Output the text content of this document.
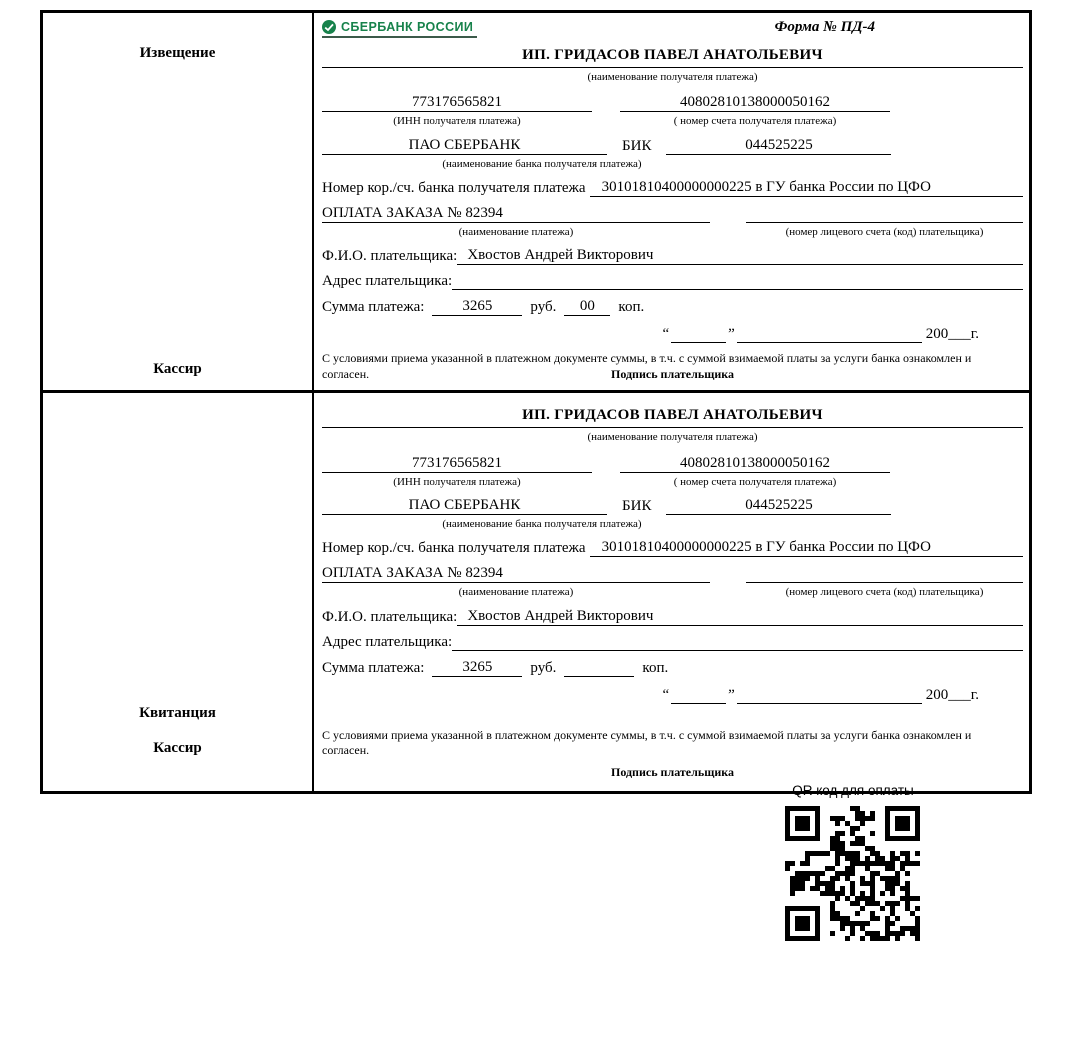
Извещение
Кассир
СБЕРБАНК РОССИИ	Форма № ПД-4
ИП. ГРИДАСОВ ПАВЕЛ АНАТОЛЬЕВИЧ
(наименование получателя платежа)
773176565821	40802810138000050162
(ИНН получателя платежа)	( номер счета получателя платежа)
ПАО СБЕРБАНК	БИК	044525225
(наименование банка получателя платежа)
Номер кор./сч. банка получателя платежа	30101810400000000225 в ГУ банка России по ЦФО
ОПЛАТА ЗАКАЗА № 82394
(наименование платежа)	(номер лицевого счета (код) плательщика)
Ф.И.О. плательщика: Хвостов Андрей Викторович
Адрес плательщика:
Сумма платежа:	3265	руб.	00	коп.
“	”	200___г.
С условиями приема указанной в платежном документе суммы, в т.ч. с суммой взимаемой платы за услуги банка ознакомлен и согласен.	Подпись плательщика
Квитанция
Кассир
ИП. ГРИДАСОВ ПАВЕЛ АНАТОЛЬЕВИЧ
(наименование получателя платежа)
773176565821	40802810138000050162
(ИНН получателя платежа)	( номер счета получателя платежа)
ПАО СБЕРБАНК	БИК	044525225
(наименование банка получателя платежа)
Номер кор./сч. банка получателя платежа	30101810400000000225 в ГУ банка России по ЦФО
ОПЛАТА ЗАКАЗА № 82394
(наименование платежа)	(номер лицевого счета (код) плательщика)
Ф.И.О. плательщика: Хвостов Андрей Викторович
Адрес плательщика:
Сумма платежа:	3265	руб.	коп.
“	”	200___г.
С условиями приема указанной в платежном документе суммы, в т.ч. с суммой взимаемой платы за услуги банка ознакомлен и согласен.
Подпись плательщика
QR код для оплаты
